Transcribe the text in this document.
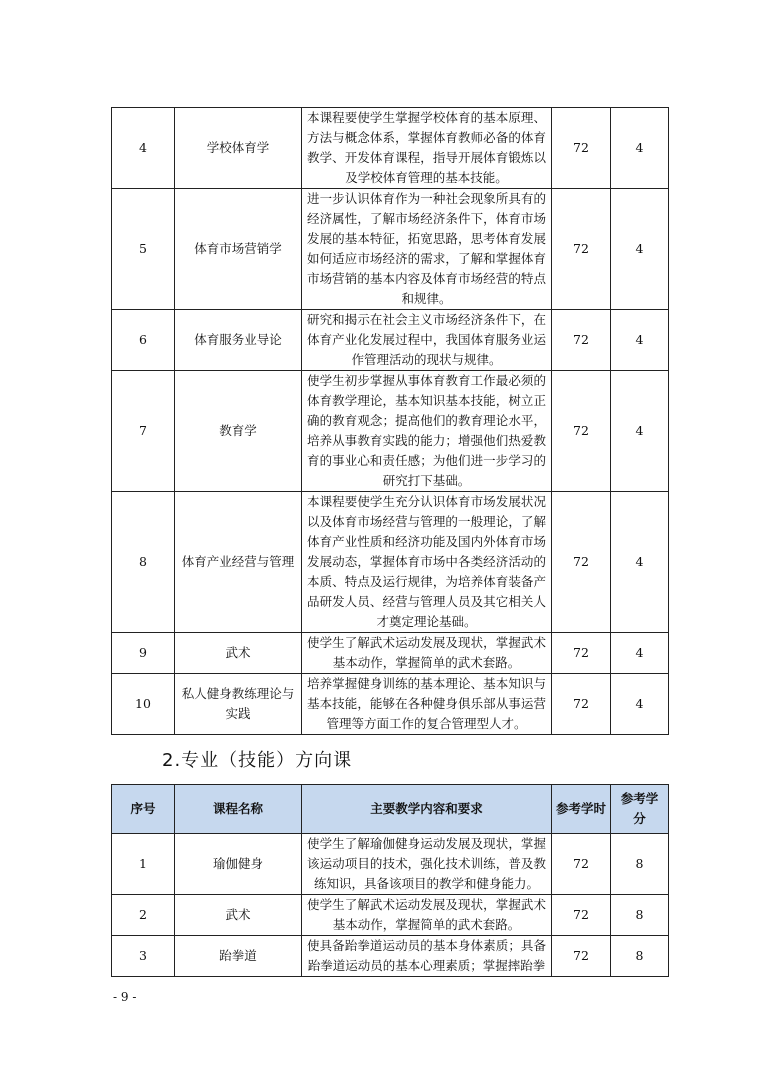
4	学校体育学	本课程要使学生掌握学校体育的基本原理、方法与概念体系，掌握体育教师必备的体育教学、开发体育课程，指导开展体育锻炼以及学校体育管理的基本技能。	72	4
5	体育市场营销学	进一步认识体育作为一种社会现象所具有的经济属性，了解市场经济条件下，体育市场发展的基本特征，拓宽思路，思考体育发展如何适应市场经济的需求，了解和掌握体育市场营销的基本内容及体育市场经营的特点和规律。	72	4
6	体育服务业导论	研究和揭示在社会主义市场经济条件下，在体育产业化发展过程中，我国体育服务业运作管理活动的现状与规律。	72	4
7	教育学	使学生初步掌握从事体育教育工作最必须的体育教学理论，基本知识基本技能，树立正确的教育观念；提高他们的教育理论水平，培养从事教育实践的能力；增强他们热爱教育的事业心和责任感；为他们进一步学习的研究打下基础。	72	4
8	体育产业经营与管理	本课程要使学生充分认识体育市场发展状况以及体育市场经营与管理的一般理论，了解体育产业性质和经济功能及国内外体育市场发展动态，掌握体育市场中各类经济活动的本质、特点及运行规律，为培养体育装备产品研发人员、经营与管理人员及其它相关人才奠定理论基础。	72	4
9	武术	使学生了解武术运动发展及现状，掌握武术基本动作，掌握简单的武术套路。	72	4
10	私人健身教练理论与实践	培养掌握健身训练的基本理论、基本知识与基本技能，能够在各种健身俱乐部从事运营管理等方面工作的复合管理型人才。	72	4
2.专业（技能）方向课
序号	课程名称	主要教学内容和要求	参考学时	参考学分
1	瑜伽健身	使学生了解瑜伽健身运动发展及现状，掌握该运动项目的技术，强化技术训练，普及教练知识，具备该项目的教学和健身能力。	72	8
2	武术	使学生了解武术运动发展及现状，掌握武术基本动作，掌握简单的武术套路。	72	8
3	跆拳道	使具备跆拳道运动员的基本身体素质；具备跆拳道运动员的基本心理素质；掌握摔跆拳	72	8
- 9 -
